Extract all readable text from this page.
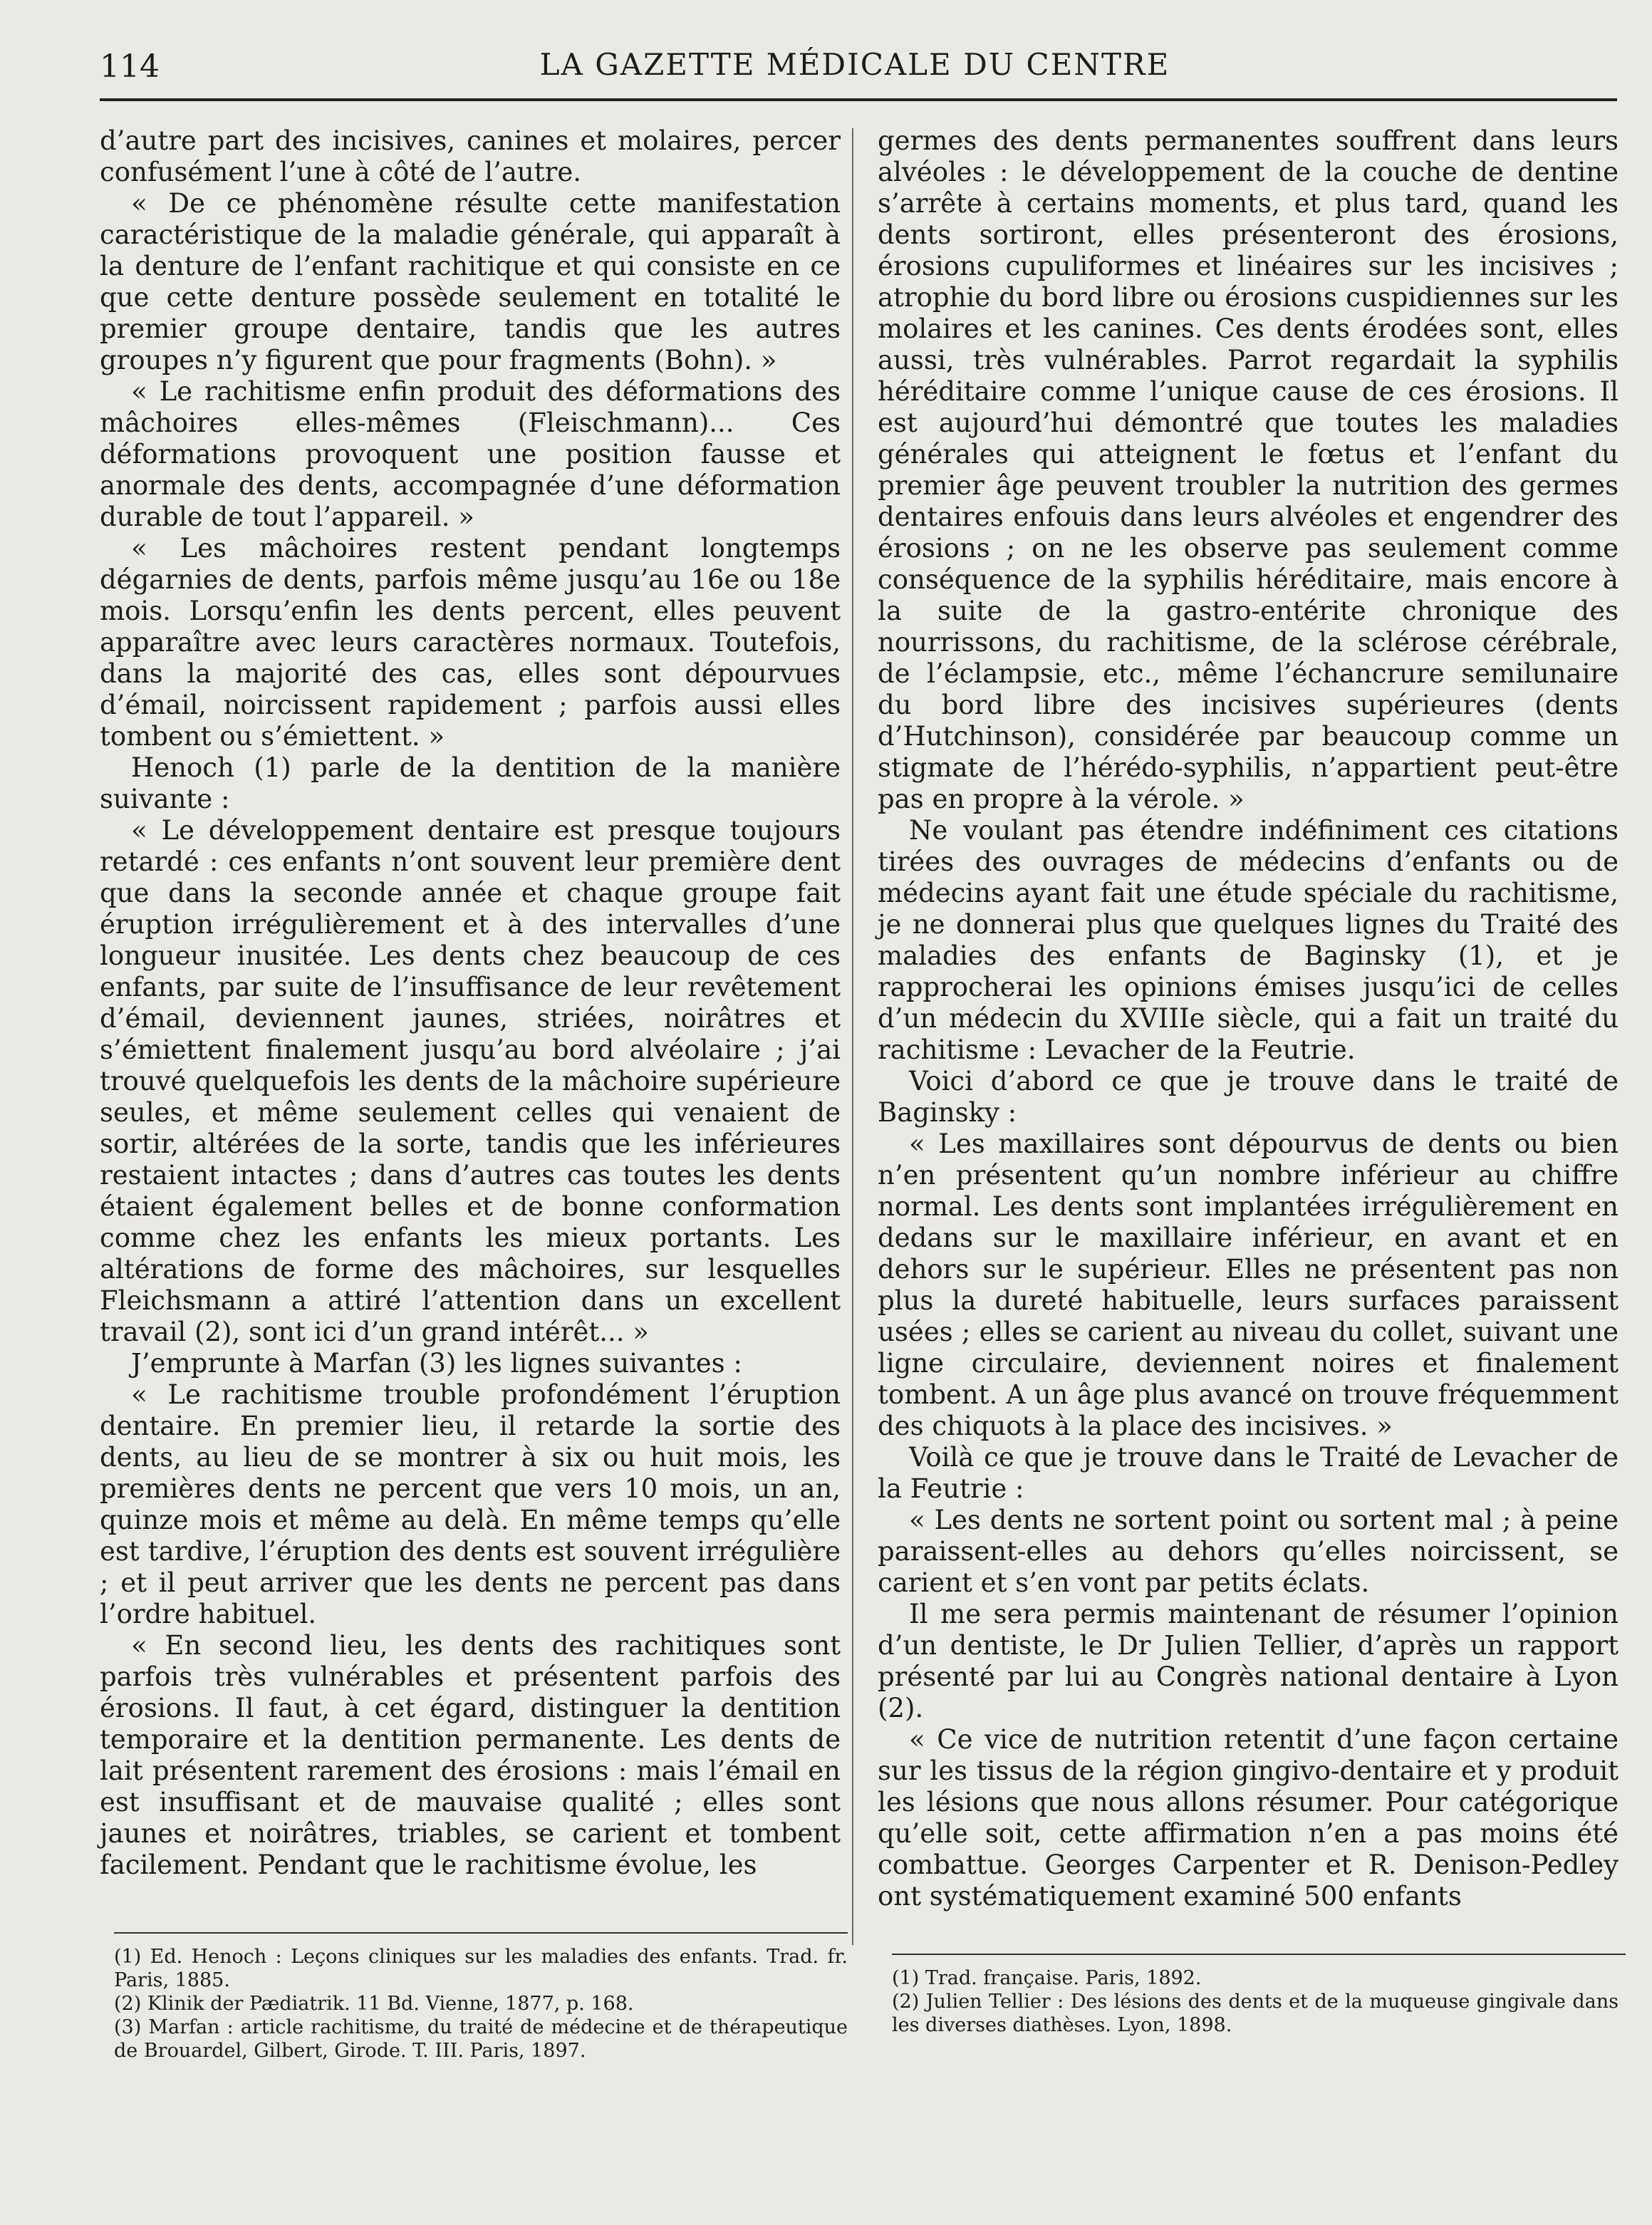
114	LA GAZETTE MÉDICALE DU CENTRE

d’autre part des incisives, canines et molaires, percer confusément l’une à côté de l’autre.

« De ce phénomène résulte cette manifestation caractéristique de la maladie générale, qui apparaît à la denture de l’enfant rachitique et qui consiste en ce que cette denture possède seulement en totalité le premier groupe dentaire, tandis que les autres groupes n’y figurent que pour fragments (Bohn). »

« Le rachitisme enfin produit des déformations des mâchoires elles-mêmes (Fleischmann)... Ces déformations provoquent une position fausse et anormale des dents, accompagnée d’une déformation durable de tout l’appareil. »

« Les mâchoires restent pendant longtemps dégarnies de dents, parfois même jusqu’au 16e ou 18e mois. Lorsqu’enfin les dents percent, elles peuvent apparaître avec leurs caractères normaux. Toutefois, dans la majorité des cas, elles sont dépourvues d’émail, noircissent rapidement ; parfois aussi elles tombent ou s’émiettent. »

Henoch (1) parle de la dentition de la manière suivante :

« Le développement dentaire est presque toujours retardé : ces enfants n’ont souvent leur première dent que dans la seconde année et chaque groupe fait éruption irrégulièrement et à des intervalles d’une longueur inusitée. Les dents chez beaucoup de ces enfants, par suite de l’insuffisance de leur revêtement d’émail, deviennent jaunes, striées, noirâtres et s’émiettent finalement jusqu’au bord alvéolaire ; j’ai trouvé quelquefois les dents de la mâchoire supérieure seules, et même seulement celles qui venaient de sortir, altérées de la sorte, tandis que les inférieures restaient intactes ; dans d’autres cas toutes les dents étaient également belles et de bonne conformation comme chez les enfants les mieux portants. Les altérations de forme des mâchoires, sur lesquelles Fleichsmann a attiré l’attention dans un excellent travail (2), sont ici d’un grand intérêt... »

J’emprunte à Marfan (3) les lignes suivantes :

« Le rachitisme trouble profondément l’éruption dentaire. En premier lieu, il retarde la sortie des dents, au lieu de se montrer à six ou huit mois, les premières dents ne percent que vers 10 mois, un an, quinze mois et même au delà. En même temps qu’elle est tardive, l’éruption des dents est souvent irrégulière ; et il peut arriver que les dents ne percent pas dans l’ordre habituel.

« En second lieu, les dents des rachitiques sont parfois très vulnérables et présentent parfois des érosions. Il faut, à cet égard, distinguer la dentition temporaire et la dentition permanente. Les dents de lait présentent rarement des érosions : mais l’émail en est insuffisant et de mauvaise qualité ; elles sont jaunes et noirâtres, triables, se carient et tombent facilement. Pendant que le rachitisme évolue, les

germes des dents permanentes souffrent dans leurs alvéoles : le développement de la couche de dentine s’arrête à certains moments, et plus tard, quand les dents sortiront, elles présenteront des érosions, érosions cupuliformes et linéaires sur les incisives ; atrophie du bord libre ou érosions cuspidiennes sur les molaires et les canines. Ces dents érodées sont, elles aussi, très vulnérables. Parrot regardait la syphilis héréditaire comme l’unique cause de ces érosions. Il est aujourd’hui démontré que toutes les maladies générales qui atteignent le fœtus et l’enfant du premier âge peuvent troubler la nutrition des germes dentaires enfouis dans leurs alvéoles et engendrer des érosions ; on ne les observe pas seulement comme conséquence de la syphilis héréditaire, mais encore à la suite de la gastro-entérite chronique des nourrissons, du rachitisme, de la sclérose cérébrale, de l’éclampsie, etc., même l’échancrure semilunaire du bord libre des incisives supérieures (dents d’Hutchinson), considérée par beaucoup comme un stigmate de l’hérédo-syphilis, n’appartient peut-être pas en propre à la vérole. »

Ne voulant pas étendre indéfiniment ces citations tirées des ouvrages de médecins d’enfants ou de médecins ayant fait une étude spéciale du rachitisme, je ne donnerai plus que quelques lignes du Traité des maladies des enfants de Baginsky (1), et je rapprocherai les opinions émises jusqu’ici de celles d’un médecin du XVIIIe siècle, qui a fait un traité du rachitisme : Levacher de la Feutrie.

Voici d’abord ce que je trouve dans le traité de Baginsky :

« Les maxillaires sont dépourvus de dents ou bien n’en présentent qu’un nombre inférieur au chiffre normal. Les dents sont implantées irrégulièrement en dedans sur le maxillaire inférieur, en avant et en dehors sur le supérieur. Elles ne présentent pas non plus la dureté habituelle, leurs surfaces paraissent usées ; elles se carient au niveau du collet, suivant une ligne circulaire, deviennent noires et finalement tombent. A un âge plus avancé on trouve fréquemment des chiquots à la place des incisives. »

Voilà ce que je trouve dans le Traité de Levacher de la Feutrie :

« Les dents ne sortent point ou sortent mal ; à peine paraissent-elles au dehors qu’elles noircissent, se carient et s’en vont par petits éclats.

Il me sera permis maintenant de résumer l’opinion d’un dentiste, le Dr Julien Tellier, d’après un rapport présenté par lui au Congrès national dentaire à Lyon (2).

« Ce vice de nutrition retentit d’une façon certaine sur les tissus de la région gingivo-dentaire et y produit les lésions que nous allons résumer. Pour catégorique qu’elle soit, cette affirmation n’en a pas moins été combattue. Georges Carpenter et R. Denison-Pedley ont systématiquement examiné 500 enfants

(1) Ed. Henoch : Leçons cliniques sur les maladies des enfants. Trad. fr. Paris, 1885.

(2) Klinik der Pædiatrik. 11 Bd. Vienne, 1877, p. 168.

(3) Marfan : article rachitisme, du traité de médecine et de thérapeutique de Brouardel, Gilbert, Girode. T. III. Paris, 1897.

(1) Trad. française. Paris, 1892.

(2) Julien Tellier : Des lésions des dents et de la muqueuse gingivale dans les diverses diathèses. Lyon, 1898.
